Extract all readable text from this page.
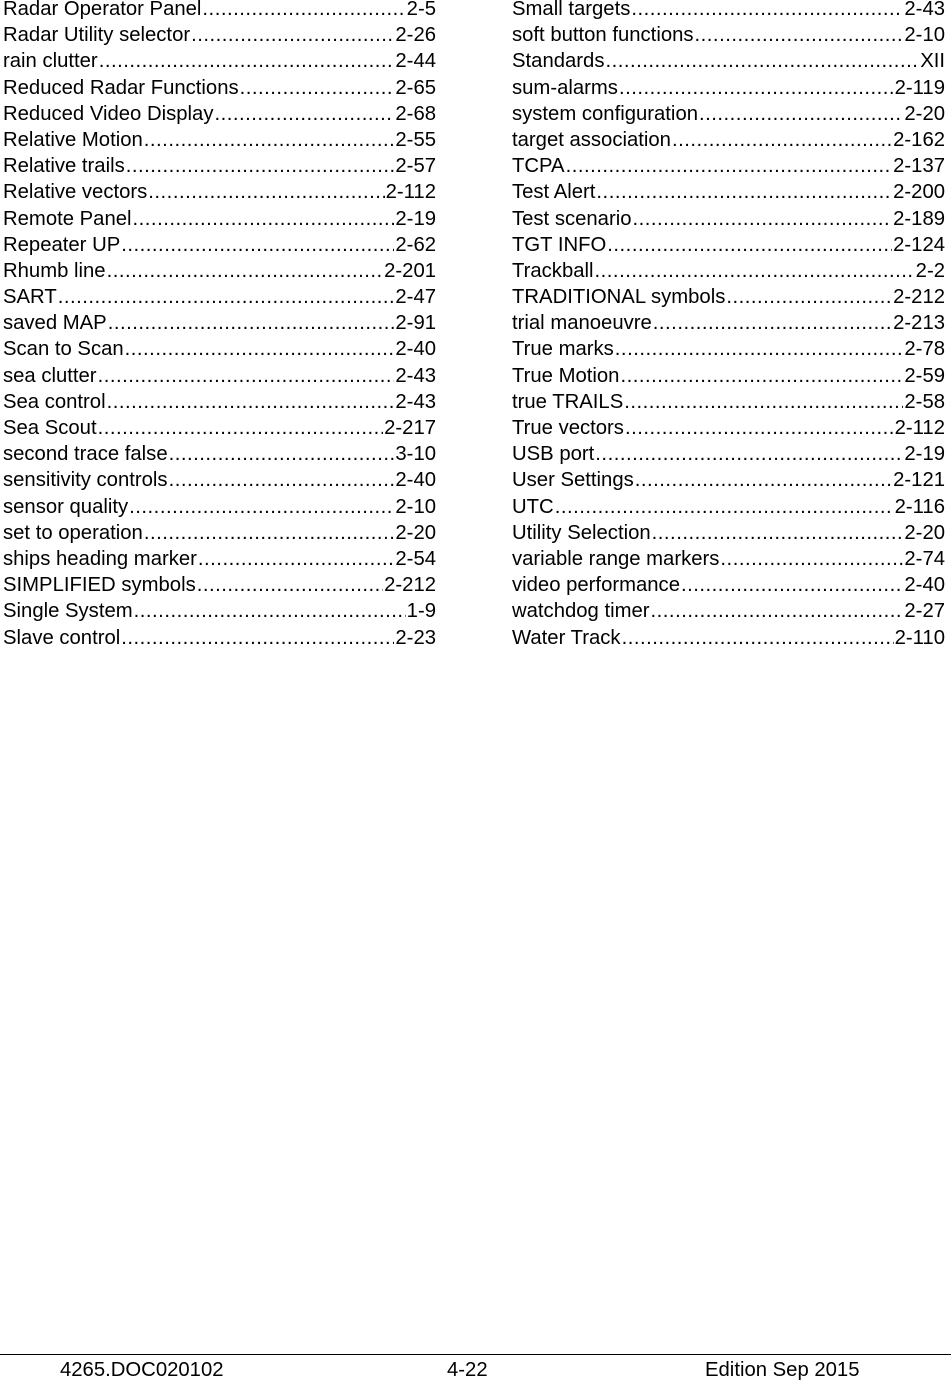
Radar Operator Panel .....	2-5
Radar Utility selector .....	2-26
rain clutter .....	2-44
Reduced Radar Functions .....	2-65
Reduced Video Display .....	2-68
Relative Motion .....	2-55
Relative trails .....	2-57
Relative vectors .....	2-112
Remote Panel .....	2-19
Repeater UP .....	2-62
Rhumb line .....	2-201
SART .....	2-47
saved MAP .....	2-91
Scan to Scan .....	2-40
sea clutter .....	2-43
Sea control .....	2-43
Sea Scout .....	2-217
second trace false .....	3-10
sensitivity controls .....	2-40
sensor quality .....	2-10
set to operation .....	2-20
ships heading marker .....	2-54
SIMPLIFIED symbols .....	2-212
Single System .....	1-9
Slave control .....	2-23
Small targets .....	2-43
soft button functions .....	2-10
Standards .....	XII
sum-alarms .....	2-119
system configuration .....	2-20
target association .....	2-162
TCPA .....	2-137
Test Alert .....	2-200
Test scenario .....	2-189
TGT INFO .....	2-124
Trackball .....	2-2
TRADITIONAL symbols .....	2-212
trial manoeuvre .....	2-213
True marks .....	2-78
True Motion .....	2-59
true TRAILS .....	2-58
True vectors .....	2-112
USB port .....	2-19
User Settings .....	2-121
UTC .....	2-116
Utility Selection .....	2-20
variable range markers .....	2-74
video performance .....	2-40
watchdog timer .....	2-27
Water Track .....	2-110
4265.DOC020102	4-22	Edition Sep 2015
